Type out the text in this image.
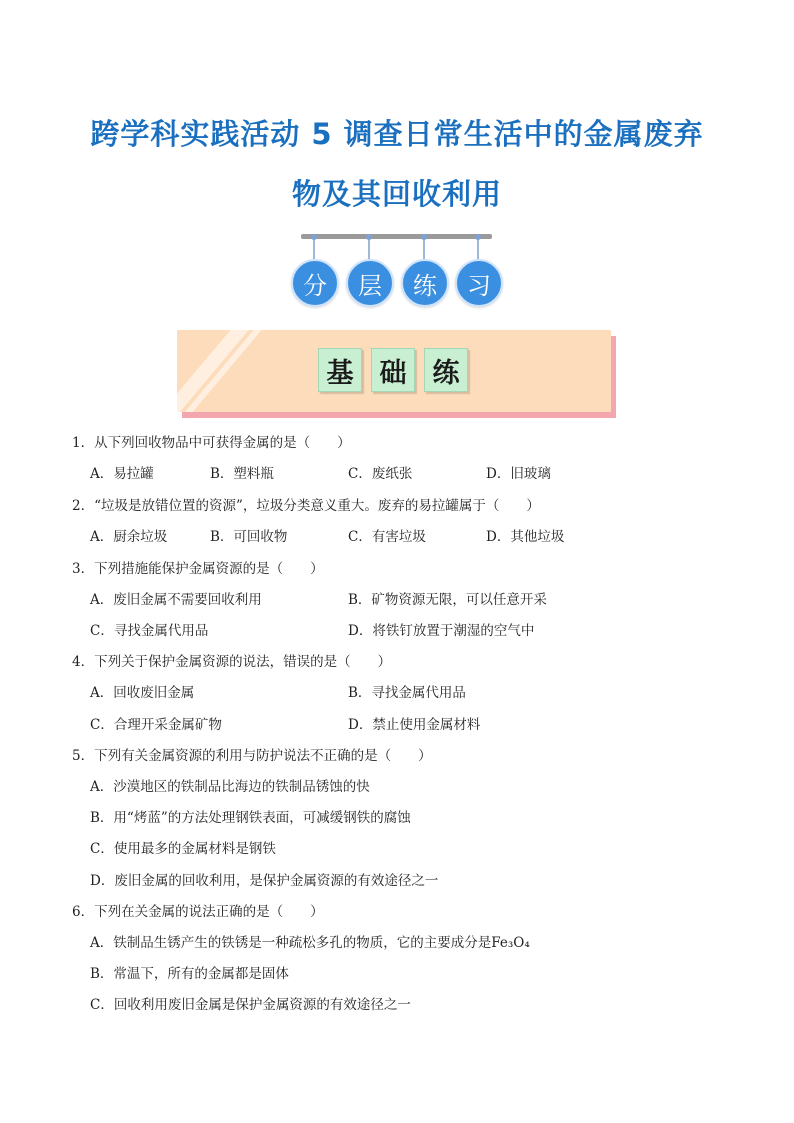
跨学科实践活动 5 调查日常生活中的金属废弃
物及其回收利用
分	层	练	习
基 础 练
1．从下列回收物品中可获得金属的是（　　）
A．易拉罐	B．塑料瓶	C．废纸张	D．旧玻璃
2．“垃圾是放错位置的资源”，垃圾分类意义重大。废弃的易拉罐属于（　　）
A．厨余垃圾	B．可回收物	C．有害垃圾	D．其他垃圾
3．下列措施能保护金属资源的是（　　）
A．废旧金属不需要回收利用	B．矿物资源无限，可以任意开采
C．寻找金属代用品	D．将铁钉放置于潮湿的空气中
4．下列关于保护金属资源的说法，错误的是（　　）
A．回收废旧金属	B．寻找金属代用品
C．合理开采金属矿物	D．禁止使用金属材料
5．下列有关金属资源的利用与防护说法不正确的是（　　）
A．沙漠地区的铁制品比海边的铁制品锈蚀的快
B．用“烤蓝”的方法处理钢铁表面，可减缓钢铁的腐蚀
C．使用最多的金属材料是钢铁
D．废旧金属的回收利用，是保护金属资源的有效途径之一
6．下列在关金属的说法正确的是（　　）
A．铁制品生锈产生的铁锈是一种疏松多孔的物质，它的主要成分是Fe₃O₄
B．常温下，所有的金属都是固体
C．回收利用废旧金属是保护金属资源的有效途径之一
